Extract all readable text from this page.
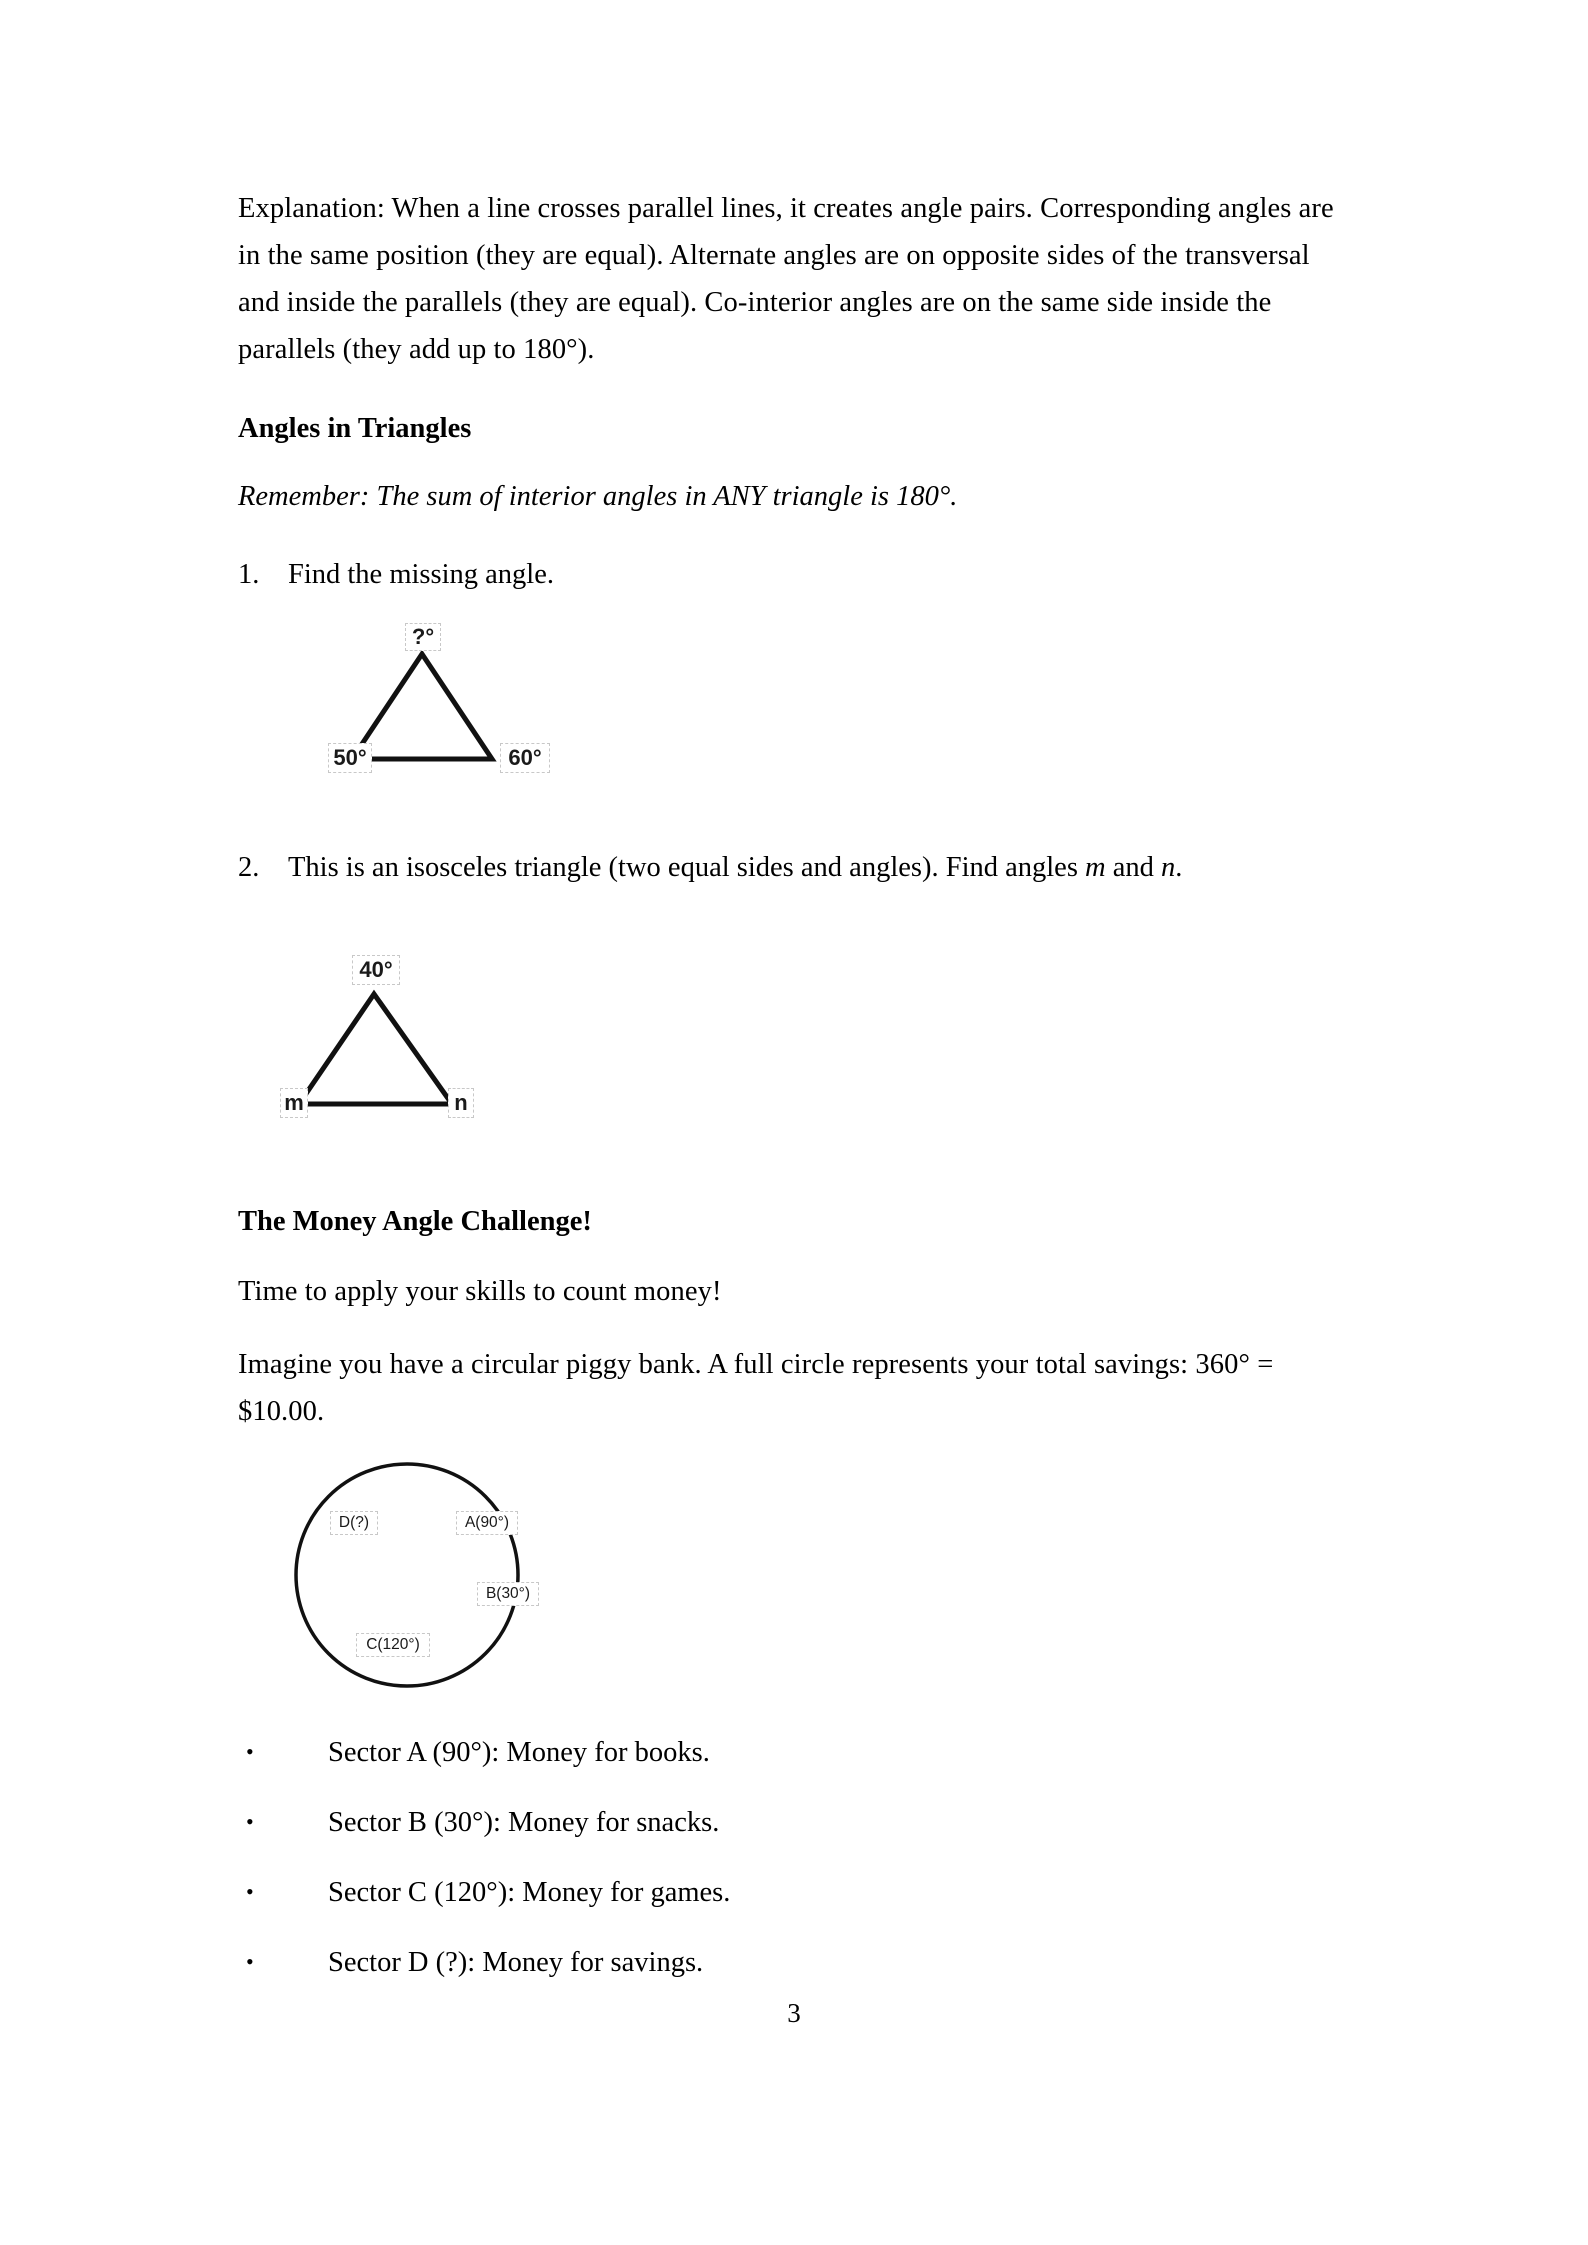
Explanation: When a line crosses parallel lines, it creates angle pairs. Corresponding angles are in the same position (they are equal). Alternate angles are on opposite sides of the transversal and inside the parallels (they are equal). Co-interior angles are on the same side inside the parallels (they add up to 180°).

Angles in Triangles

Remember: The sum of interior angles in ANY triangle is 180°.

1. Find the missing angle.
?°
50°	60°
2. This is an isosceles triangle (two equal sides and angles). Find angles m and n.
40°
m	n
The Money Angle Challenge!

Time to apply your skills to count money!

Imagine you have a circular piggy bank. A full circle represents your total savings: 360° = $10.00.

D(?)	A(90°)
B(30°)
C(120°)
•	Sector A (90°): Money for books.
•	Sector B (30°): Money for snacks.
•	Sector C (120°): Money for games.
•	Sector D (?): Money for savings.
3
